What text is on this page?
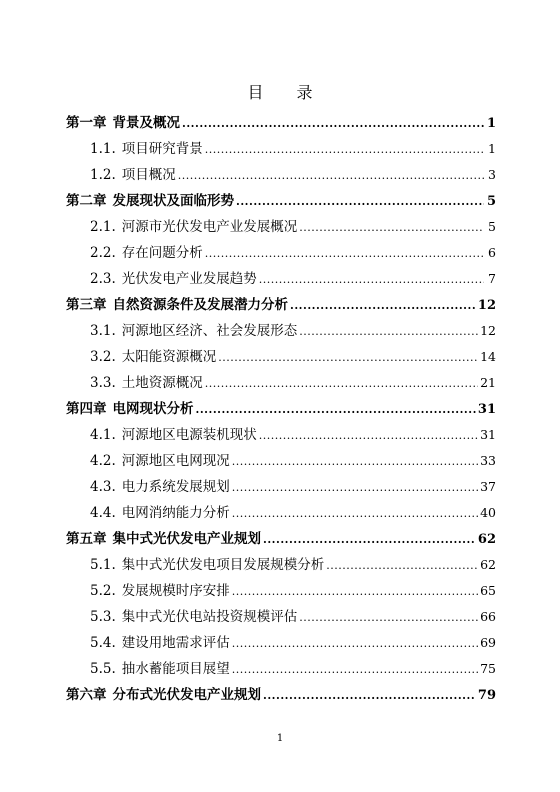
目 录
第一章 背景及概况 .....	1
1.1. 项目研究背景 .....	1
1.2. 项目概况 .....	3
第二章 发展现状及面临形势 .....	5
2.1. 河源市光伏发电产业发展概况 .....	5
2.2. 存在问题分析 .....	6
2.3. 光伏发电产业发展趋势 .....	7
第三章 自然资源条件及发展潜力分析 .....	12
3.1. 河源地区经济、社会发展形态 .....	12
3.2. 太阳能资源概况 .....	14
3.3. 土地资源概况 .....	21
第四章 电网现状分析 .....	31
4.1. 河源地区电源装机现状 .....	31
4.2. 河源地区电网现况 .....	33
4.3. 电力系统发展规划 .....	37
4.4. 电网消纳能力分析 .....	40
第五章 集中式光伏发电产业规划 .....	62
5.1. 集中式光伏发电项目发展规模分析 .....	62
5.2. 发展规模时序安排 .....	65
5.3. 集中式光伏电站投资规模评估 .....	66
5.4. 建设用地需求评估 .....	69
5.5. 抽水蓄能项目展望 .....	75
第六章 分布式光伏发电产业规划 .....	79
1
